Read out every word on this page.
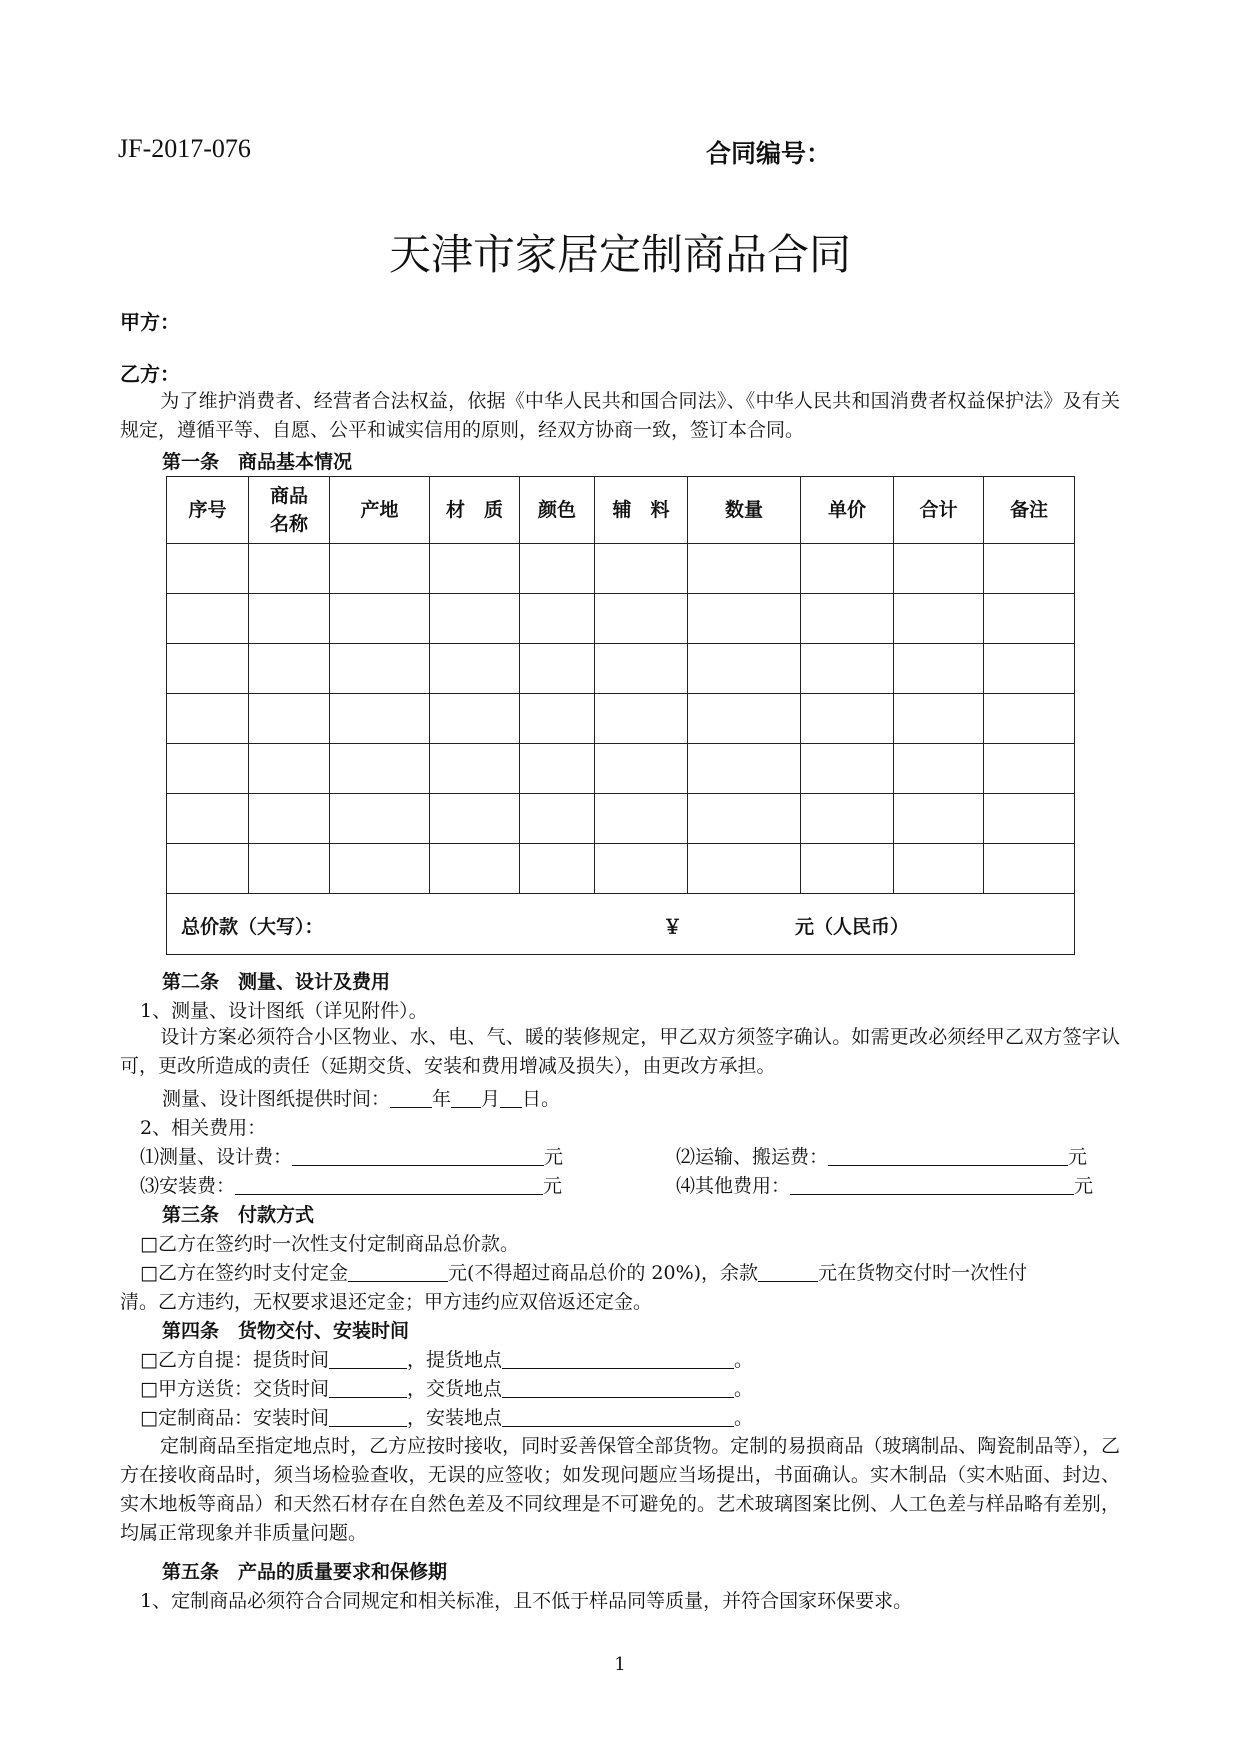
JF-2017-076	合同编号：
天津市家居定制商品合同
甲方：
乙方：
为了维护消费者、经营者合法权益，依据《中华人民共和国合同法》、《中华人民共和国消费者权益保护法》及有关规定，遵循平等、自愿、公平和诚实信用的原则，经双方协商一致，签订本合同。
第一条　商品基本情况
序号	商品名称	产地	材　质	颜色	辅　料	数量	单价	合计	备注

总价款（大写）： ￥ 元（人民币）									
第二条　测量、设计及费用
1、测量、设计图纸（详见附件）。
设计方案必须符合小区物业、水、电、气、暖的装修规定，甲乙双方须签字确认。如需更改必须经甲乙双方签字认可，更改所造成的责任（延期交货、安装和费用增减及损失），由更改方承担。
测量、设计图纸提供时间： 年 月 日。
2、相关费用：
⑴测量、设计费：	元	⑵运输、搬运费：	元
⑶安装费：	元	⑷其他费用：	元
第三条　付款方式
□乙方在签约时一次性支付定制商品总价款。
□乙方在签约时支付定金	元(不得超过商品总价的 20%)，余款	元在货物交付时一次性付
清。乙方违约，无权要求退还定金；甲方违约应双倍返还定金。
第四条　货物交付、安装时间
□乙方自提：提货时间	，提货地点	。
□甲方送货：交货时间	，交货地点	。
□定制商品：安装时间	，安装地点	。
定制商品至指定地点时，乙方应按时接收，同时妥善保管全部货物。定制的易损商品（玻璃制品、陶瓷制品等），乙方在接收商品时，须当场检验查收，无误的应签收；如发现问题应当场提出，书面确认。实木制品（实木贴面、封边、实木地板等商品）和天然石材存在自然色差及不同纹理是不可避免的。艺术玻璃图案比例、人工色差与样品略有差别，均属正常现象并非质量问题。
第五条　产品的质量要求和保修期
1、定制商品必须符合合同规定和相关标准，且不低于样品同等质量，并符合国家环保要求。
1
